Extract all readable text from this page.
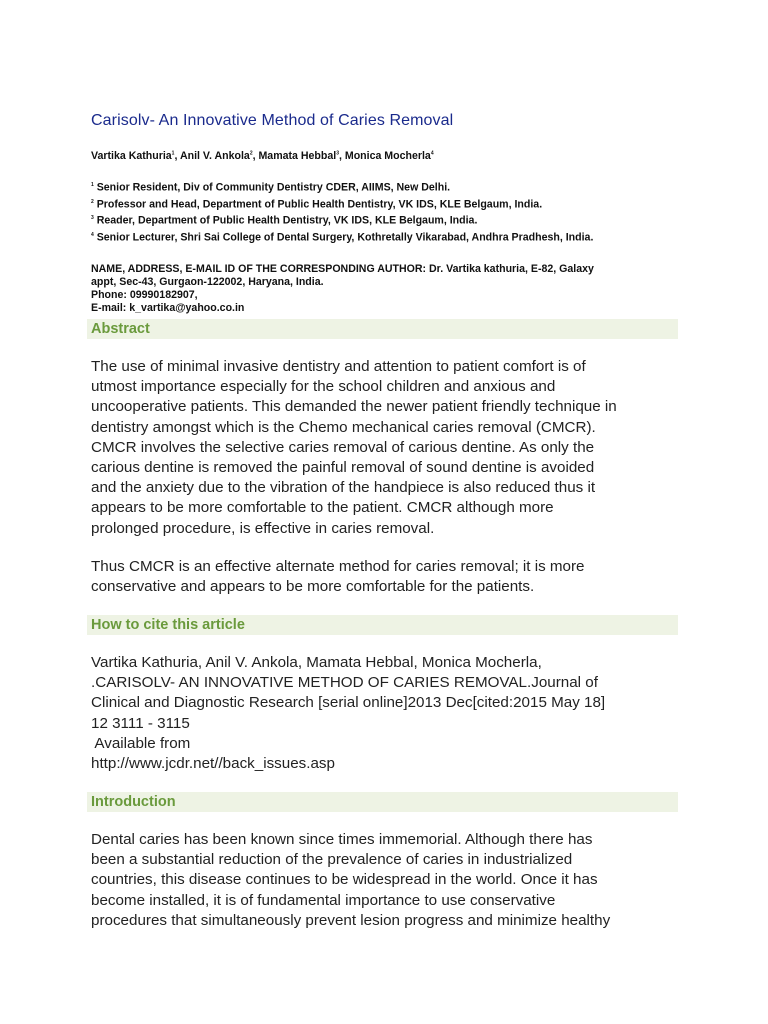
Carisolv- An Innovative Method of Caries Removal
Vartika Kathuria$^1$, Anil V. Ankola$^2$, Mamata Hebbal$^3$, Monica Mocherla$^4$
$^1$ Senior Resident, Div of Community Dentistry CDER, AIIMS, New Delhi.
$^2$ Professor and Head, Department of Public Health Dentistry, VK IDS, KLE Belgaum, India.
$^3$ Reader, Department of Public Health Dentistry, VK IDS, KLE Belgaum, India.
$^4$ Senior Lecturer, Shri Sai College of Dental Surgery, Kothretally Vikarabad, Andhra Pradhesh, India.
NAME, ADDRESS, E-MAIL ID OF THE CORRESPONDING AUTHOR: Dr. Vartika kathuria, E-82, Galaxy
appt, Sec-43, Gurgaon-122002, Haryana, India.
Phone: 09990182907,
E-mail: k_vartika@yahoo.co.in
Abstract

The use of minimal invasive dentistry and attention to patient comfort is of
utmost importance especially for the school children and anxious and
uncooperative patients. This demanded the newer patient friendly technique in
dentistry amongst which is the Chemo mechanical caries removal (CMCR).
CMCR involves the selective caries removal of carious dentine. As only the
carious dentine is removed the painful removal of sound dentine is avoided
and the anxiety due to the vibration of the handpiece is also reduced thus it
appears to be more comfortable to the patient. CMCR although more
prolonged procedure, is effective in caries removal.

Thus CMCR is an effective alternate method for caries removal; it is more
conservative and appears to be more comfortable for the patients.

How to cite this article

Vartika Kathuria, Anil V. Ankola, Mamata Hebbal, Monica Mocherla,
.CARISOLV- AN INNOVATIVE METHOD OF CARIES REMOVAL.Journal of
Clinical and Diagnostic Research [serial online]2013 Dec[cited:2015 May 18]
12 3111 - 3115
Available from
http://www.jcdr.net//back_issues.asp

Introduction

Dental caries has been known since times immemorial. Although there has
been a substantial reduction of the prevalence of caries in industrialized
countries, this disease continues to be widespread in the world. Once it has
become installed, it is of fundamental importance to use conservative
procedures that simultaneously prevent lesion progress and minimize healthy
